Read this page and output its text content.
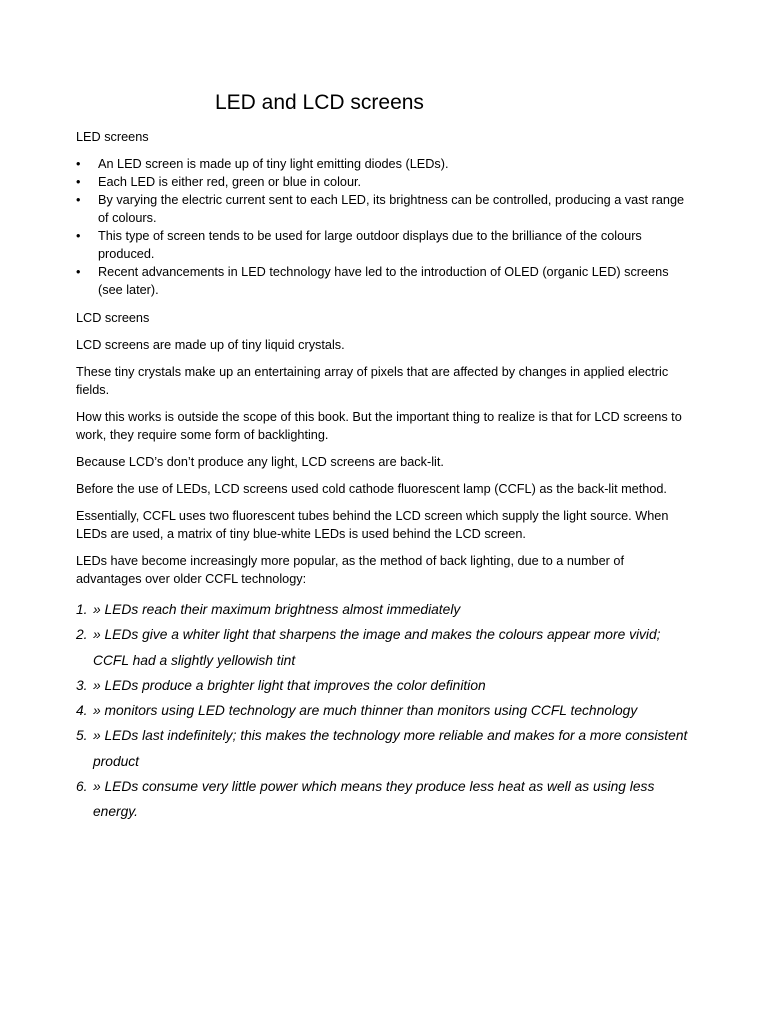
LED and LCD screens

LED screens

•	An LED screen is made up of tiny light emitting diodes (LEDs).
•	Each LED is either red, green or blue in colour.
•	By varying the electric current sent to each LED, its brightness can be controlled, producing a vast range of colours.
•	This type of screen tends to be used for large outdoor displays due to the brilliance of the colours produced.
•	Recent advancements in LED technology have led to the introduction of OLED (organic LED) screens (see later).

LCD screens

LCD screens are made up of tiny liquid crystals.

These tiny crystals make up an entertaining array of pixels that are affected by changes in applied electric fields.

How this works is outside the scope of this book. But the important thing to realize is that for LCD screens to work, they require some form of backlighting.

Because LCD’s don’t produce any light, LCD screens are back-lit.

Before the use of LEDs, LCD screens used cold cathode fluorescent lamp (CCFL) as the back-lit method.

Essentially, CCFL uses two fluorescent tubes behind the LCD screen which supply the light source. When LEDs are used, a matrix of tiny blue-white LEDs is used behind the LCD screen.

LEDs have become increasingly more popular, as the method of back lighting, due to a number of advantages over older CCFL technology:

1. » LEDs reach their maximum brightness almost immediately
2. » LEDs give a whiter light that sharpens the image and makes the colours appear more vivid; CCFL had a slightly yellowish tint
3. » LEDs produce a brighter light that improves the color definition
4. » monitors using LED technology are much thinner than monitors using CCFL technology
5. » LEDs last indefinitely; this makes the technology more reliable and makes for a more consistent product
6. » LEDs consume very little power which means they produce less heat as well as using less energy.
